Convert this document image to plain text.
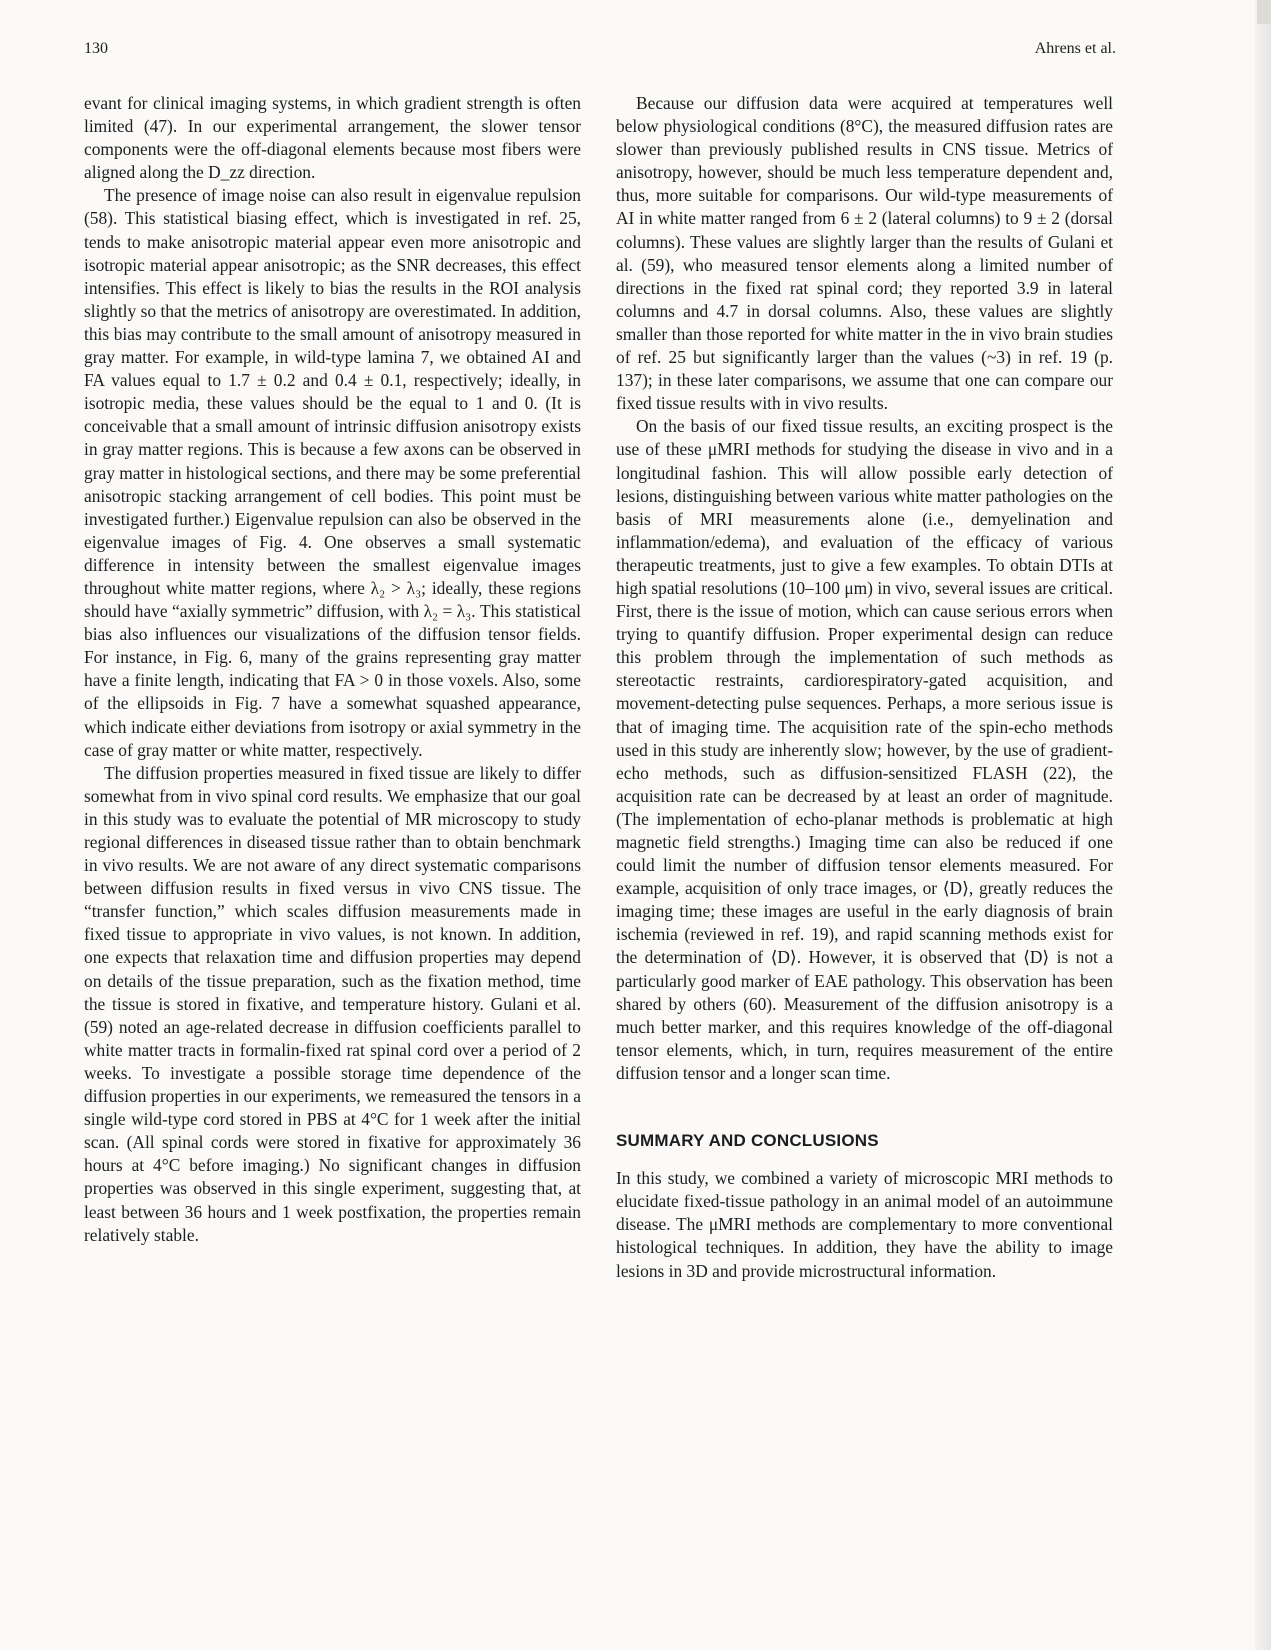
130	Ahrens et al.

evant for clinical imaging systems, in which gradient strength is often limited (47). In our experimental arrangement, the slower tensor components were the off-diagonal elements because most fibers were aligned along the D_zz direction.

The presence of image noise can also result in eigenvalue repulsion (58). This statistical biasing effect, which is investigated in ref. 25, tends to make anisotropic material appear even more anisotropic and isotropic material appear anisotropic; as the SNR decreases, this effect intensifies. This effect is likely to bias the results in the ROI analysis slightly so that the metrics of anisotropy are overestimated. In addition, this bias may contribute to the small amount of anisotropy measured in gray matter. For example, in wild-type lamina 7, we obtained AI and FA values equal to 1.7 ± 0.2 and 0.4 ± 0.1, respectively; ideally, in isotropic media, these values should be the equal to 1 and 0. (It is conceivable that a small amount of intrinsic diffusion anisotropy exists in gray matter regions. This is because a few axons can be observed in gray matter in histological sections, and there may be some preferential anisotropic stacking arrangement of cell bodies. This point must be investigated further.) Eigenvalue repulsion can also be observed in the eigenvalue images of Fig. 4. One observes a small systematic difference in intensity between the smallest eigenvalue images throughout white matter regions, where λ₂ > λ₃; ideally, these regions should have “axially symmetric” diffusion, with λ₂ = λ₃. This statistical bias also influences our visualizations of the diffusion tensor fields. For instance, in Fig. 6, many of the grains representing gray matter have a finite length, indicating that FA > 0 in those voxels. Also, some of the ellipsoids in Fig. 7 have a somewhat squashed appearance, which indicate either deviations from isotropy or axial symmetry in the case of gray matter or white matter, respectively.

The diffusion properties measured in fixed tissue are likely to differ somewhat from in vivo spinal cord results. We emphasize that our goal in this study was to evaluate the potential of MR microscopy to study regional differences in diseased tissue rather than to obtain benchmark in vivo results. We are not aware of any direct systematic comparisons between diffusion results in fixed versus in vivo CNS tissue. The “transfer function,” which scales diffusion measurements made in fixed tissue to appropriate in vivo values, is not known. In addition, one expects that relaxation time and diffusion properties may depend on details of the tissue preparation, such as the fixation method, time the tissue is stored in fixative, and temperature history. Gulani et al. (59) noted an age-related decrease in diffusion coefficients parallel to white matter tracts in formalin-fixed rat spinal cord over a period of 2 weeks. To investigate a possible storage time dependence of the diffusion properties in our experiments, we remeasured the tensors in a single wild-type cord stored in PBS at 4°C for 1 week after the initial scan. (All spinal cords were stored in fixative for approximately 36 hours at 4°C before imaging.) No significant changes in diffusion properties was observed in this single experiment, suggesting that, at least between 36 hours and 1 week postfixation, the properties remain relatively stable.

Because our diffusion data were acquired at temperatures well below physiological conditions (8°C), the measured diffusion rates are slower than previously published results in CNS tissue. Metrics of anisotropy, however, should be much less temperature dependent and, thus, more suitable for comparisons. Our wild-type measurements of AI in white matter ranged from 6 ± 2 (lateral columns) to 9 ± 2 (dorsal columns). These values are slightly larger than the results of Gulani et al. (59), who measured tensor elements along a limited number of directions in the fixed rat spinal cord; they reported 3.9 in lateral columns and 4.7 in dorsal columns. Also, these values are slightly smaller than those reported for white matter in the in vivo brain studies of ref. 25 but significantly larger than the values (~3) in ref. 19 (p. 137); in these later comparisons, we assume that one can compare our fixed tissue results with in vivo results.

On the basis of our fixed tissue results, an exciting prospect is the use of these μMRI methods for studying the disease in vivo and in a longitudinal fashion. This will allow possible early detection of lesions, distinguishing between various white matter pathologies on the basis of MRI measurements alone (i.e., demyelination and inflammation/edema), and evaluation of the efficacy of various therapeutic treatments, just to give a few examples. To obtain DTIs at high spatial resolutions (10–100 μm) in vivo, several issues are critical. First, there is the issue of motion, which can cause serious errors when trying to quantify diffusion. Proper experimental design can reduce this problem through the implementation of such methods as stereotactic restraints, cardiorespiratory-gated acquisition, and movement-detecting pulse sequences. Perhaps, a more serious issue is that of imaging time. The acquisition rate of the spin-echo methods used in this study are inherently slow; however, by the use of gradient-echo methods, such as diffusion-sensitized FLASH (22), the acquisition rate can be decreased by at least an order of magnitude. (The implementation of echo-planar methods is problematic at high magnetic field strengths.) Imaging time can also be reduced if one could limit the number of diffusion tensor elements measured. For example, acquisition of only trace images, or ⟨D⟩, greatly reduces the imaging time; these images are useful in the early diagnosis of brain ischemia (reviewed in ref. 19), and rapid scanning methods exist for the determination of ⟨D⟩. However, it is observed that ⟨D⟩ is not a particularly good marker of EAE pathology. This observation has been shared by others (60). Measurement of the diffusion anisotropy is a much better marker, and this requires knowledge of the off-diagonal tensor elements, which, in turn, requires measurement of the entire diffusion tensor and a longer scan time.

SUMMARY AND CONCLUSIONS

In this study, we combined a variety of microscopic MRI methods to elucidate fixed-tissue pathology in an animal model of an autoimmune disease. The μMRI methods are complementary to more conventional histological techniques. In addition, they have the ability to image lesions in 3D and provide microstructural information.
